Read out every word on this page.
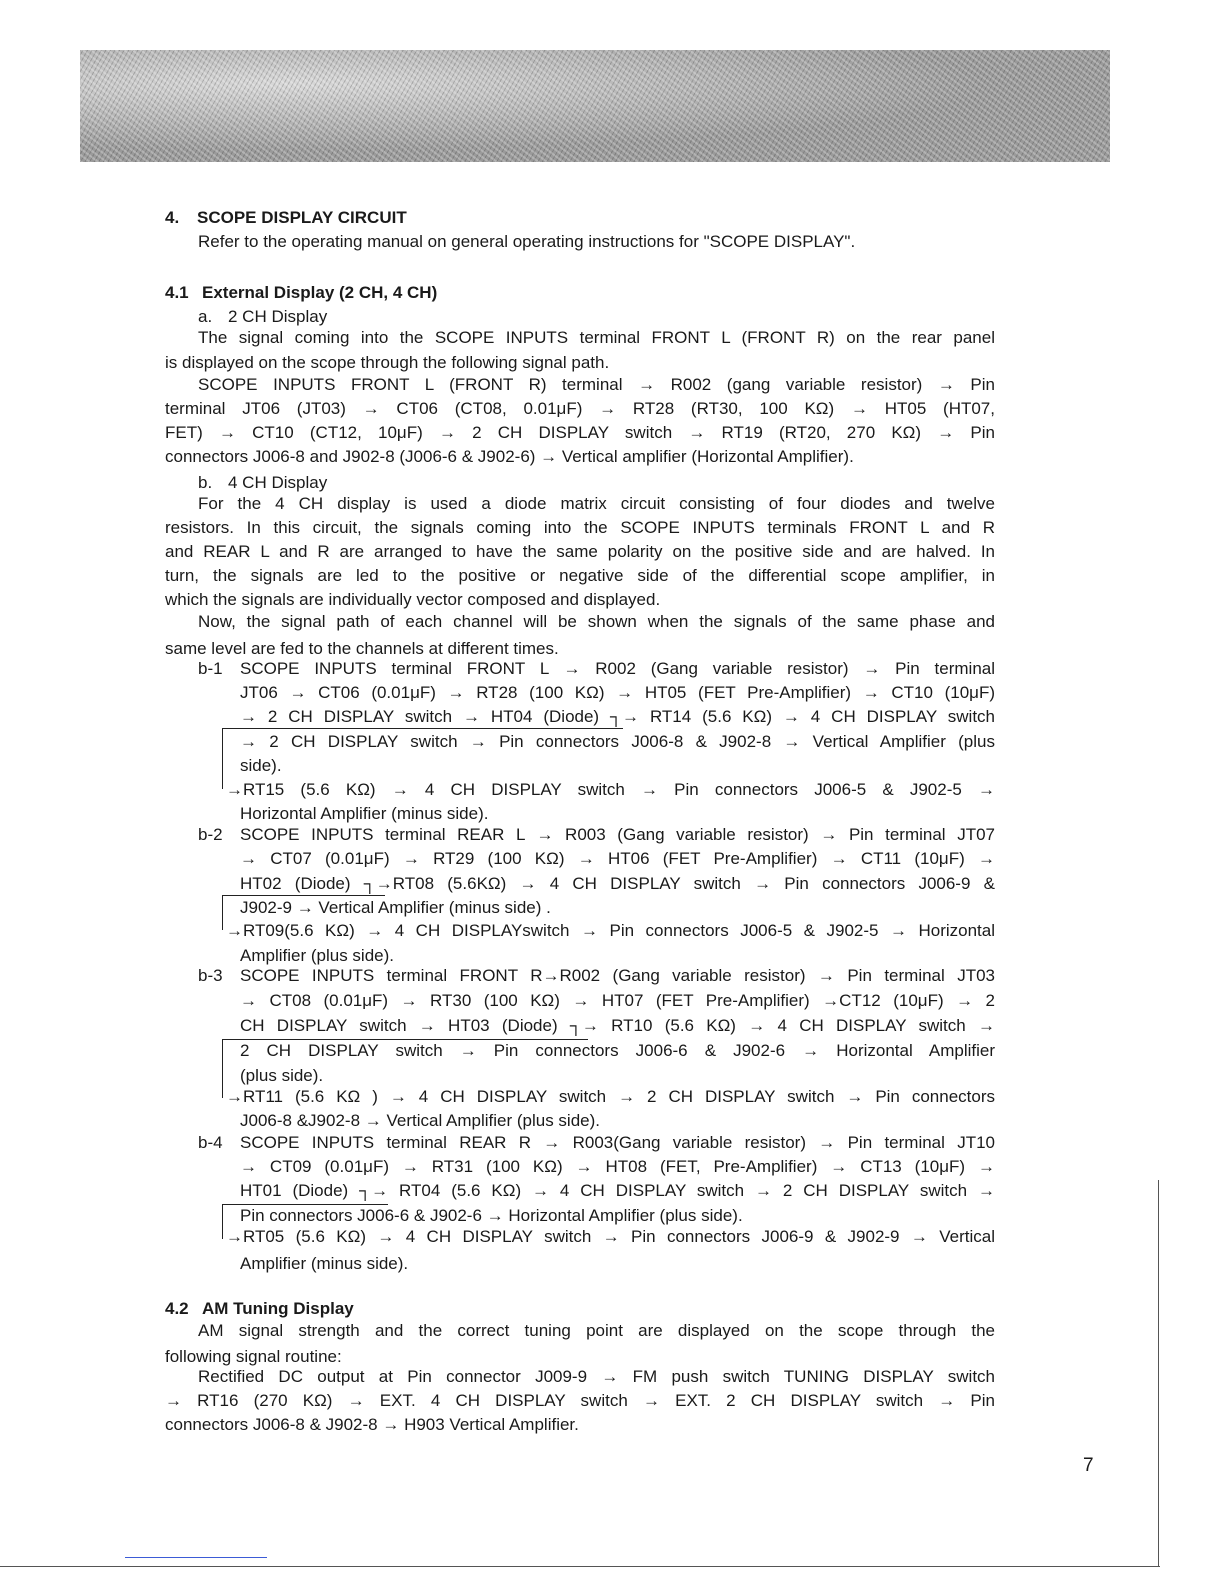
4. SCOPE DISPLAY CIRCUIT
Refer to the operating manual on general operating instructions for "SCOPE DISPLAY".
4.1 External Display (2 CH, 4 CH)
a. 2 CH Display
The signal coming into the SCOPE INPUTS terminal FRONT L (FRONT R) on the rear panel
is displayed on the scope through the following signal path.
SCOPE INPUTS FRONT L (FRONT R) terminal → R002 (gang variable resistor) → Pin
terminal JT06 (JT03) → CT06 (CT08, 0.01μF) → RT28 (RT30, 100 KΩ) → HT05 (HT07,
FET) → CT10 (CT12, 10μF) → 2 CH DISPLAY switch → RT19 (RT20, 270 KΩ) → Pin
connectors J006-8 and J902-8 (J006-6 & J902-6) → Vertical amplifier (Horizontal Amplifier).
b. 4 CH Display
For the 4 CH display is used a diode matrix circuit consisting of four diodes and twelve
resistors. In this circuit, the signals coming into the SCOPE INPUTS terminals FRONT L and R
and REAR L and R are arranged to have the same polarity on the positive side and are halved. In
turn, the signals are led to the positive or negative side of the differential scope amplifier, in
which the signals are individually vector composed and displayed.
Now, the signal path of each channel will be shown when the signals of the same phase and
same level are fed to the channels at different times.
b-1 SCOPE INPUTS terminal FRONT L → R002 (Gang variable resistor) → Pin terminal
JT06 → CT06 (0.01μF) → RT28 (100 KΩ) → HT05 (FET Pre-Amplifier) → CT10 (10μF)
→ 2 CH DISPLAY switch → HT04 (Diode) ┐→ RT14 (5.6 KΩ) → 4 CH DISPLAY switch
→ 2 CH DISPLAY switch → Pin connectors J006-8 & J902-8 → Vertical Amplifier (plus
side).
→RT15 (5.6 KΩ) → 4 CH DISPLAY switch → Pin connectors J006-5 & J902-5 →
Horizontal Amplifier (minus side).
b-2 SCOPE INPUTS terminal REAR L → R003 (Gang variable resistor) → Pin terminal JT07
→ CT07 (0.01μF) → RT29 (100 KΩ) → HT06 (FET Pre-Amplifier) → CT11 (10μF) →
HT02 (Diode) ┐→RT08 (5.6KΩ) → 4 CH DISPLAY switch → Pin connectors J006-9 &
J902-9 → Vertical Amplifier (minus side) .
→RT09(5.6 KΩ) → 4 CH DISPLAYswitch → Pin connectors J006-5 & J902-5 → Horizontal
Amplifier (plus side).
b-3 SCOPE INPUTS terminal FRONT R→R002 (Gang variable resistor) → Pin terminal JT03
→ CT08 (0.01μF) → RT30 (100 KΩ) → HT07 (FET Pre-Amplifier) →CT12 (10μF) → 2
CH DISPLAY switch → HT03 (Diode) ┐→ RT10 (5.6 KΩ) → 4 CH DISPLAY switch →
2 CH DISPLAY switch → Pin connectors J006-6 & J902-6 → Horizontal Amplifier
(plus side).
→RT11 (5.6 KΩ ) → 4 CH DISPLAY switch → 2 CH DISPLAY switch → Pin connectors
J006-8 &J902-8 → Vertical Amplifier (plus side).
b-4 SCOPE INPUTS terminal REAR R → R003(Gang variable resistor) → Pin terminal JT10
→ CT09 (0.01μF) → RT31 (100 KΩ) → HT08 (FET, Pre-Amplifier) → CT13 (10μF) →
HT01 (Diode) ┐→ RT04 (5.6 KΩ) → 4 CH DISPLAY switch → 2 CH DISPLAY switch →
Pin connectors J006-6 & J902-6 → Horizontal Amplifier (plus side).
→RT05 (5.6 KΩ) → 4 CH DISPLAY switch → Pin connectors J006-9 & J902-9 → Vertical
Amplifier (minus side).
4.2 AM Tuning Display
AM signal strength and the correct tuning point are displayed on the scope through the
following signal routine:
Rectified DC output at Pin connector J009-9 → FM push switch TUNING DISPLAY switch
→ RT16 (270 KΩ) → EXT. 4 CH DISPLAY switch → EXT. 2 CH DISPLAY switch → Pin
connectors J006-8 & J902-8 → H903 Vertical Amplifier.
7
